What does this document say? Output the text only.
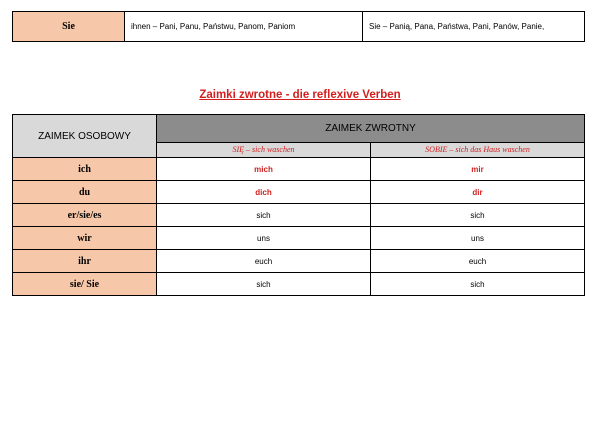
Sie	ihnen – Pani, Panu, Państwu, Panom, Paniom	Sie – Panią, Pana, Państwa, Pani, Panów, Panie,
Zaimki zwrotne - die reflexive Verben
ZAIMEK OSOBOWY	ZAIMEK ZWROTNY	
	SIĘ – sich waschen	SOBIE – sich das Haus waschen
ich	mich	mir
du	dich	dir
er/sie/es	sich	sich
wir	uns	uns
ihr	euch	euch
sie/ Sie	sich	sich
